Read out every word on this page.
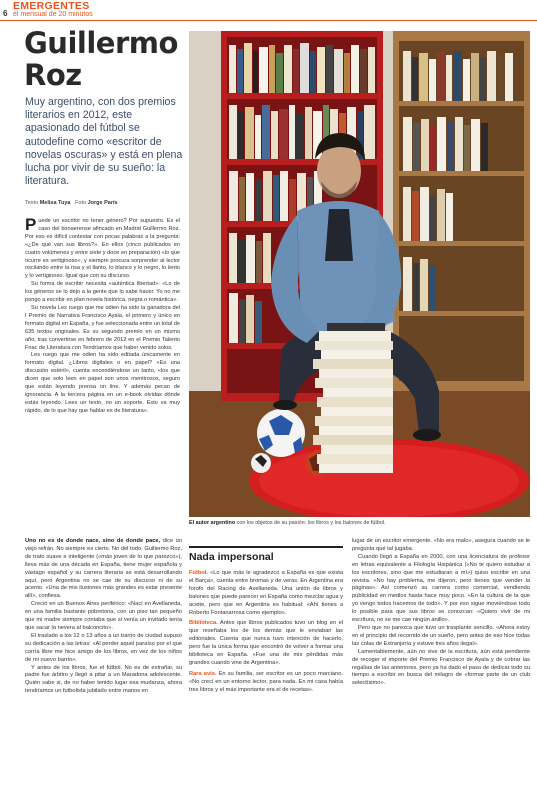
6
EMERGENTES
el mensual de 20 minutos
Guillermo Roz

Muy argentino, con dos premios literarios en 2012, este apasionado del fútbol se autodefine como «escritor de novelas oscuras» y está en plena lucha por vivir de su sueño: la literatura.

Texto Melisa Tuya Foto Jorge París

Puede un escritor no tener género? Por supuesto. Es el caso del bonaerense afincado en Madrid Guillermo Roz. Por eso es difícil contestar con pocas palabras a la pregunta: «¿De qué van sus libros?». En ellos (cinco publicados en cuatro volúmenes y entre siete y doce en preparación) «lo que ocurre es vertiginoso», y siempre procura sorprender al lector oscilando entre la risa y el llanto, lo blanco y lo negro, lo lento y lo vertiginoso. Igual que con su discurso.

Su forma de escribir necesita «auténtica libertad»: «Lo de los géneros se lo dejo a la gente que lo sabe hacer. Yo no me pongo a escribir en plan novela histórica, negra o romántica».

Su novela Les ruego que me odien ha sido la ganadora del I Premio de Narrativa Francisco Ayala, el primero y único en formato digital en España, y fue seleccionada entre un total de 635 textos originales. Es su segundo premio en un mismo año, tras convertirse en febrero de 2012 en el Premio Talento Fnac de Literatura con Tendríamos que haber venido solos.

Les ruego que me odien ha sido editada únicamente en formato digital. ¿Libros digitales o en papel? «Es una discusión estéril», cuenta encendiéndose un tanto, «los que dicen que solo leen en papel son unos mentirosos, seguro que están leyendo prensa on line. Y además pecan de ignorancia. A la tercera página en un e-book olvidas dónde estás leyendo. Lees un texto, no un soporte. Esto va muy rápido, de lo que hay que hablar es de literatura».

El autor argentino con los objetos de su pasión: los libros y los balones de fútbol.

Uno no es de donde nace, sino de donde pace, dice un viejo refrán. No siempre es cierto. No del todo. Guillermo Roz, de trato suave e inteligente («más joven de lo que parezco»), lleva más de una década en España, tiene mujer española y vástago español y su carrera literaria se está desarrollando aquí, pero Argentina no se cae de su discurso ni de su acento. «Una de mis ilusiones más grandes es estar presente allí», confiesa.

Creció en un Buenos Aires periférico: «Nací en Avellaneda, en una familia bastante pobretona, con un piso tan pequeño que mi madre siempre contaba que si venía un invitado tenía que sacar la nevera al balconcito».

El traslado a los 12 o 13 años a un barrio de ciudad supuso su dedicación a las letras: «Al perder aquel paraíso por el que corría libre me hice amigo de los libros, en vez de los niños de mi nuevo barrio».

Y antes de los libros, fue el fútbol. No es de extrañar, su padre fue árbitro y llegó a pitar a un Maradona adolescente. Quién sabe si, de no haber tenido lugar esa mudanza, ahora tendríamos un futbolista jubilado entre manos en

Nada impersonal

Fútbol. «Lo que más le agradezco a España es que exista el Barça», cuenta entre bromas y de veras. En Argentina era forofo del Racing de Avellaneda. Una unión de libros y balones que puede parecer en España como mezclar agua y aceite, pero que en Argentina es habitual: «Ahí tienes a Roberto Fontanarrosa como ejemplo».

Biblioteca. Antes que libros publicados tuvo un blog en el que reseñaba los de los demás que le enviaban las editoriales. Cuenta que nunca tuvo intención de hacerlo, pero fue la única forma que encontró de volver a formar una biblioteca en España. «Fue una de mis pérdidas más grandes cuando vine de Argentina».

Rara avis. En su familia, ser escritor es un poco marciano. «No crecí en un entorno lector, para nada. En mi casa había tres libros y el más importante era el de recetas».

lugar de un escritor emergente. «No era malo», asegura cuando se le pregunta qué tal jugaba.

Cuando llegó a España en 2000, con una licenciatura de profesor en letras equivalente a Filología Hispánica («No te quiero estudiar a los escritores, sino que me estudiaran a mí») quiso escribir en una revista. «No hay problema, me dijeron, pero tienes que vender la páginas». Así comenzó su carrera como comercial, vendiendo publicidad en medios hasta hace muy poco. «En la cultura de la que yo vengo todos hacemos de todo». Y por eso sigue moviéndose todo lo posible para que sus libros se conozcan: «Quiero vivir de mi escritura, no se me cae ningún anillo».

Pero que no parezca que tuvo un trasplante sencillo. «Ahora estoy en el principio del recorrido de un sueño, pero antes de eso hice todas las colas de Extranjería y estuve tres años ilegal».

Lamentablemente, aún no vive de la escritura, aún está pendiente de recoger el importe del Premio Francisco de Ayala y de cobrar las regalías de las anteriores, pero ya ha dado el paso de dedicar todo su tiempo a escribir en busca del milagro de «formar parte de un club selectísimo».
